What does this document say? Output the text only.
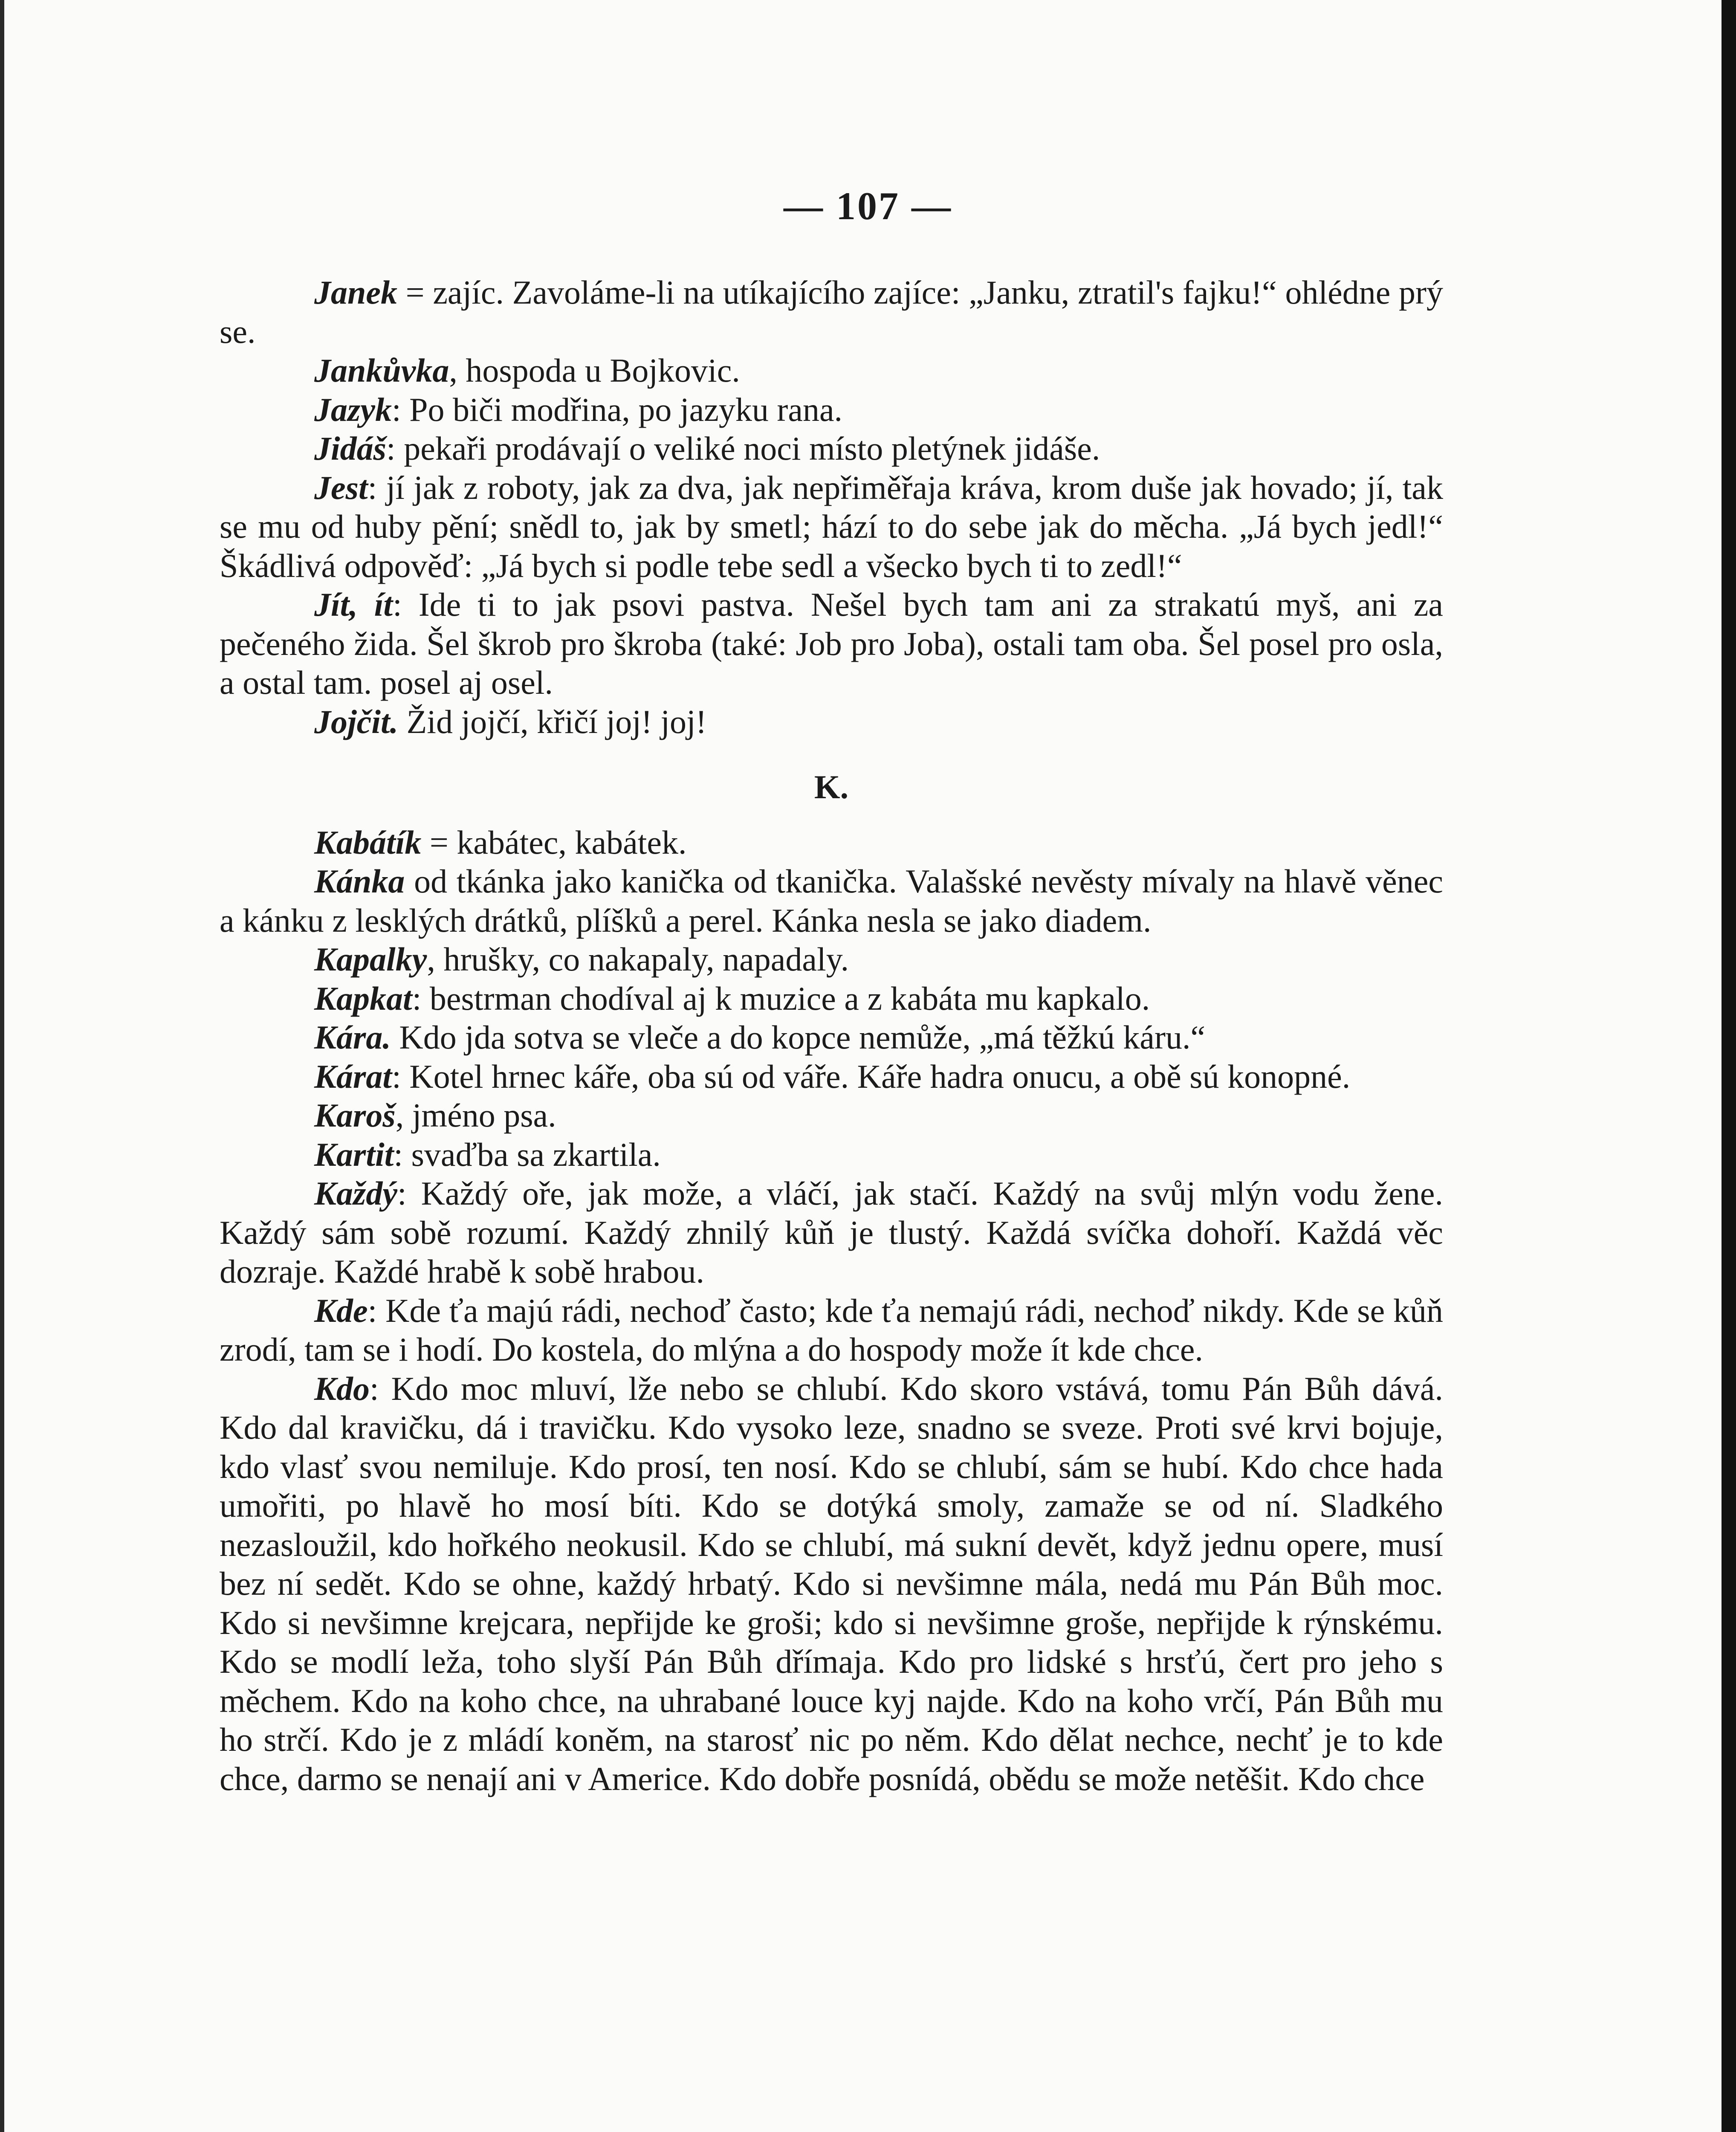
— 107 —

Janek = zajíc. Zavoláme-li na utíkajícího zajíce: „Janku, ztratil's fajku!“ ohlédne prý se.

Jankůvka, hospoda u Bojkovic.

Jazyk: Po biči modřina, po jazyku rana.

Jidáš: pekaři prodávají o veliké noci místo pletýnek jidáše.

Jest: jí jak z roboty, jak za dva, jak nepřiměřaja kráva, krom duše jak hovado; jí, tak se mu od huby pění; snědl to, jak by smetl; hází to do sebe jak do měcha. „Já bych jedl!“ Škádlivá odpověď: „Já bych si podle tebe sedl a všecko bych ti to zedl!“

Jít, ít: Ide ti to jak psovi pastva. Nešel bych tam ani za strakatú myš, ani za pečeného žida. Šel škrob pro škroba (také: Job pro Joba), ostali tam oba. Šel posel pro osla, a ostal tam. posel aj osel.

Jojčit. Žid jojčí, křičí joj! joj!

K.

Kabátík = kabátec, kabátek.

Kánka od tkánka jako kanička od tkanička. Valašské nevěsty mívaly na hlavě věnec a kánku z lesklých drátků, plíšků a perel. Kánka nesla se jako diadem.

Kapalky, hrušky, co nakapaly, napadaly.

Kapkat: bestrman chodíval aj k muzice a z kabáta mu kapkalo.

Kára. Kdo jda sotva se vleče a do kopce nemůže, „má těžkú káru.“

Kárat: Kotel hrnec káře, oba sú od váře. Káře hadra onucu, a obě sú konopné.

Karoš, jméno psa.

Kartit: svaďba sa zkartila.

Každý: Každý oře, jak može, a vláčí, jak stačí. Každý na svůj mlýn vodu žene. Každý sám sobě rozumí. Každý zhnilý kůň je tlustý. Každá svíčka dohoří. Každá věc dozraje. Každé hrabě k sobě hrabou.

Kde: Kde ťa majú rádi, nechoď často; kde ťa nemajú rádi, nechoď nikdy. Kde se kůň zrodí, tam se i hodí. Do kostela, do mlýna a do hospody može ít kde chce.

Kdo: Kdo moc mluví, lže nebo se chlubí. Kdo skoro vstává, tomu Pán Bůh dává. Kdo dal kravičku, dá i travičku. Kdo vysoko leze, snadno se sveze. Proti své krvi bojuje, kdo vlasť svou nemiluje. Kdo prosí, ten nosí. Kdo se chlubí, sám se hubí. Kdo chce hada umořiti, po hlavě ho mosí bíti. Kdo se dotýká smoly, zamaže se od ní. Sladkého nezasloužil, kdo hořkého neokusil. Kdo se chlubí, má sukní devět, když jednu opere, musí bez ní sedět. Kdo se ohne, každý hrbatý. Kdo si nevšimne mála, nedá mu Pán Bůh moc. Kdo si nevšimne krejcara, nepřijde ke groši; kdo si nevšimne groše, nepřijde k rýnskému. Kdo se modlí leža, toho slyší Pán Bůh dřímaja. Kdo pro lidské s hrsťú, čert pro jeho s měchem. Kdo na koho chce, na uhrabané louce kyj najde. Kdo na koho vrčí, Pán Bůh mu ho strčí. Kdo je z mládí koněm, na starosť nic po něm. Kdo dělat nechce, nechť je to kde chce, darmo se nenají ani v Americe. Kdo dobře posnídá, obědu se može netěšit. Kdo chce
